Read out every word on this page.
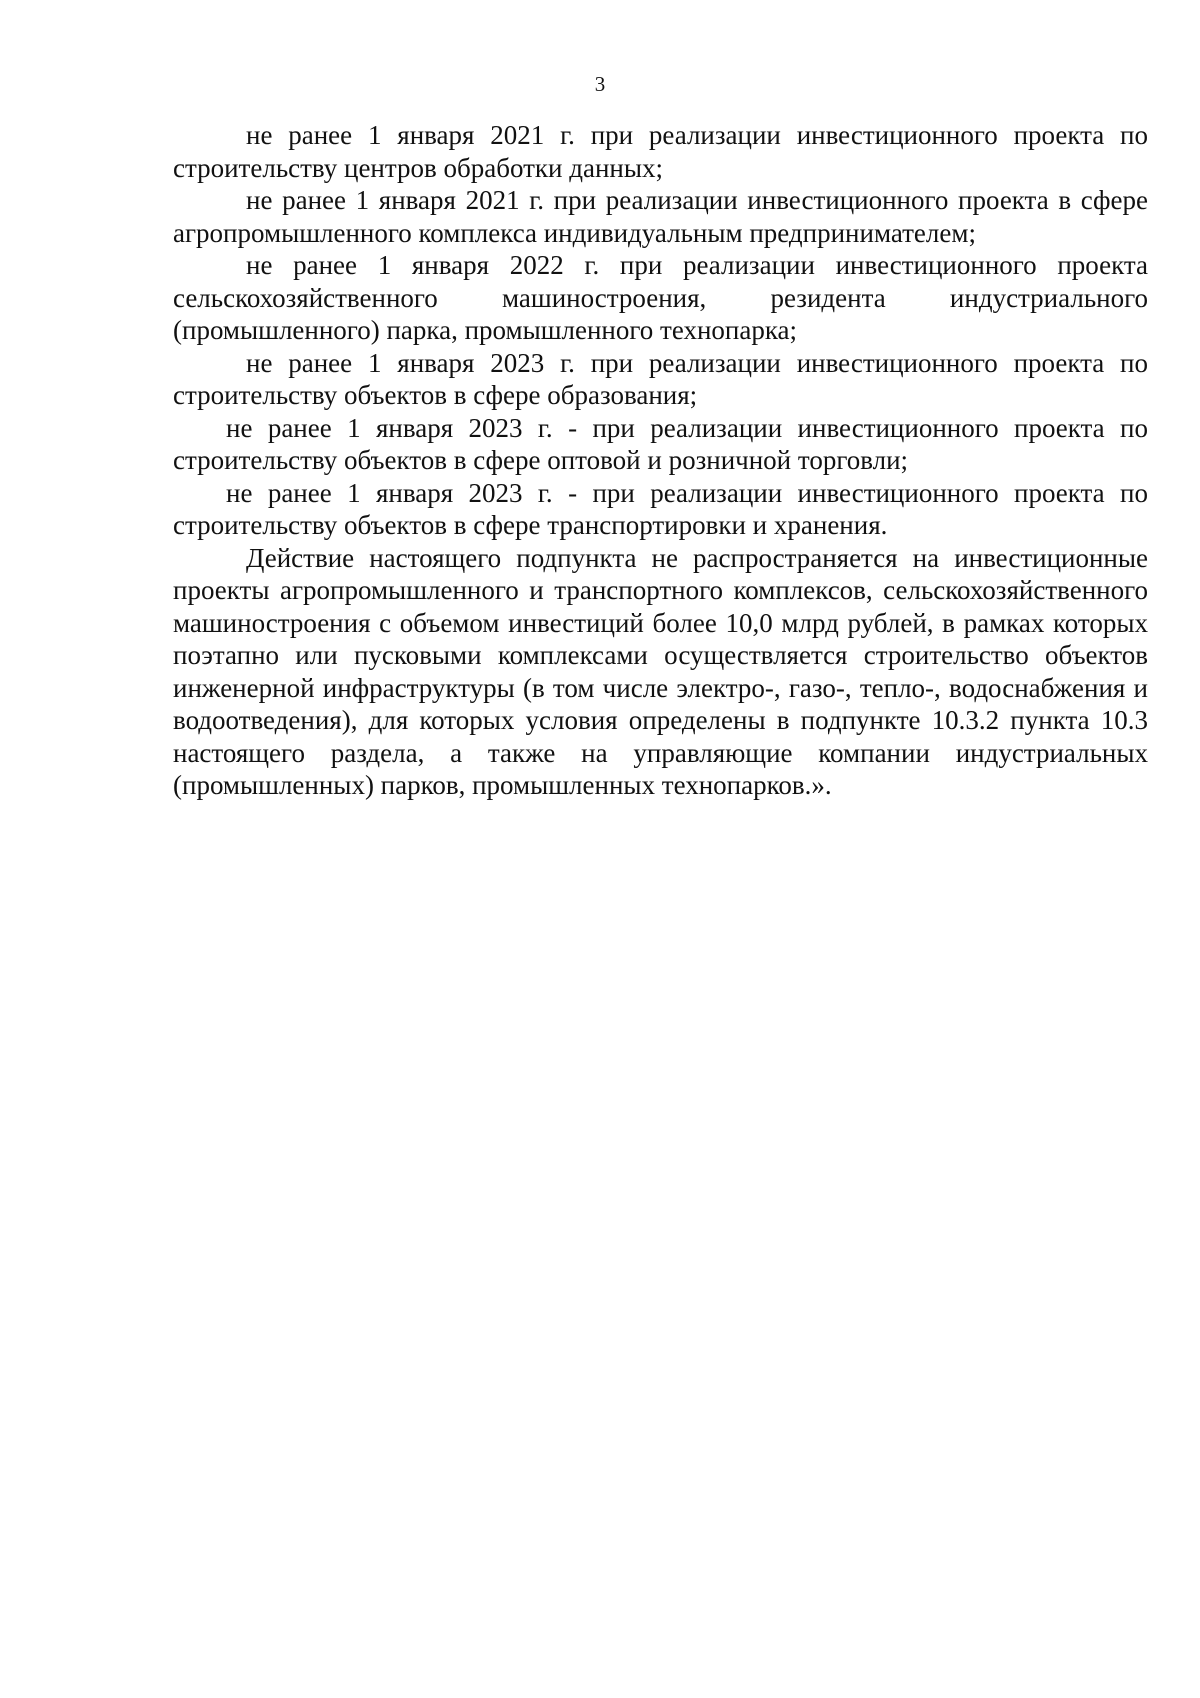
3

не ранее 1 января 2021 г. при реализации инвестиционного проекта по строительству центров обработки данных;

не ранее 1 января 2021 г. при реализации инвестиционного проекта в сфере агропромышленного комплекса индивидуальным предпринимателем;

не ранее 1 января 2022 г. при реализации инвестиционного проекта сельскохозяйственного машиностроения, резидента индустриального (промышленного) парка, промышленного технопарка;

не ранее 1 января 2023 г. при реализации инвестиционного проекта по строительству объектов в сфере образования;

не ранее 1 января 2023 г. - при реализации инвестиционного проекта по строительству объектов в сфере оптовой и розничной торговли;

не ранее 1 января 2023 г. - при реализации инвестиционного проекта по строительству объектов в сфере транспортировки и хранения.

Действие настоящего подпункта не распространяется на инвестиционные проекты агропромышленного и транспортного комплексов, сельскохозяйственного машиностроения с объемом инвестиций более 10,0 млрд рублей, в рамках которых поэтапно или пусковыми комплексами осуществляется строительство объектов инженерной инфраструктуры (в том числе электро-, газо-, тепло-, водоснабжения и водоотведения), для которых условия определены в подпункте 10.3.2 пункта 10.3 настоящего раздела, а также на управляющие компании индустриальных (промышленных) парков, промышленных технопарков.».
